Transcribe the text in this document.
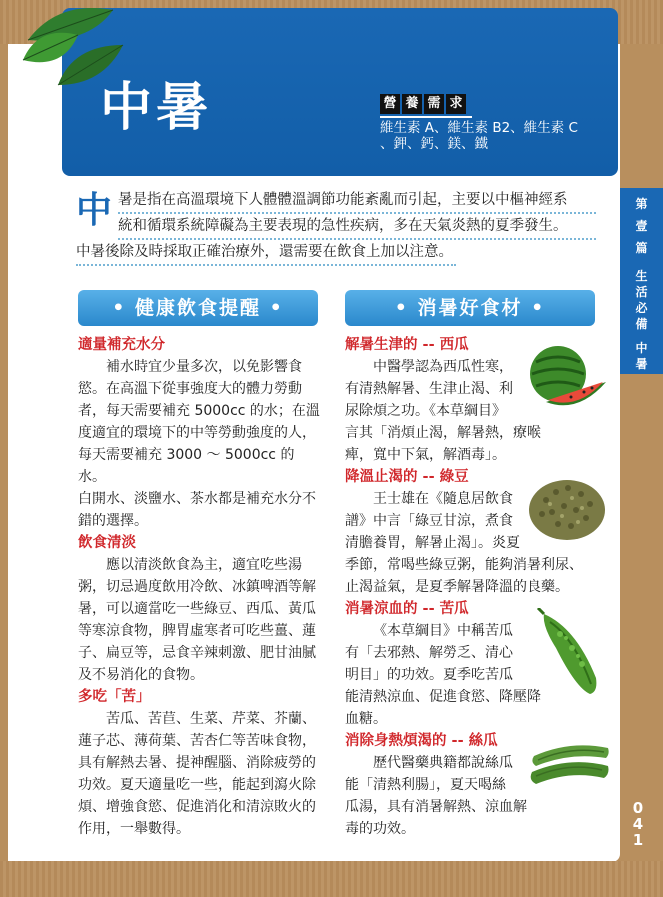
中暑	營 養 需 求
維生素 A、維生素 B2、維生素 C 、鉀、鈣、鎂、鐵
中 暑是指在高溫環境下人體體溫調節功能紊亂而引起，主要以中樞神經系
統和循環系統障礙為主要表現的急性疾病，多在天氣炎熱的夏季發生。
中暑後除及時採取正確治療外，還需要在飲食上加以注意。
第
壹
篇
生
活
必
備
中
暑
• 健康飲食提醒 •	• 消暑好食材 •
適量補充水分
補水時宜少量多次，以免影響食
慾。在高溫下從事強度大的體力勞動
者，每天需要補充 5000cc 的水；在溫
度適宜的環境下的中等勞動強度的人，
每天需要補充 3000 ～ 5000cc 的水。
白開水、淡鹽水、茶水都是補充水分不
錯的選擇。
飲食清淡
應以清淡飲食為主，適宜吃些湯
粥，切忌過度飲用冷飲、冰鎮啤酒等解
暑，可以適當吃一些綠豆、西瓜、黃瓜
等寒涼食物，脾胃虛寒者可吃些薑、蓮
子、扁豆等，忌食辛辣刺激、肥甘油膩
及不易消化的食物。
多吃「苦」
苦瓜、苦苣、生菜、芹菜、芥蘭、
蓮子芯、薄荷葉、苦杏仁等苦味食物，
具有解熱去暑、提神醒腦、消除疲勞的
功效。夏天適量吃一些，能起到瀉火除
煩、增強食慾、促進消化和清涼敗火的
作用，一舉數得。
解暑生津的 -- 西瓜
中醫學認為西瓜性寒，
有清熱解暑、生津止渴、利
尿除煩之功。《本草綱目》
言其「消煩止渴，解暑熱，療喉
痺，寬中下氣，解酒毒」。
降溫止渴的 -- 綠豆
王士雄在《隨息居飲食
譜》中言「綠豆甘涼，煮食
清膽養胃，解暑止渴」。炎夏
季節，常喝些綠豆粥，能夠消暑利尿、
止渴益氣，是夏季解暑降溫的良藥。
消暑涼血的 -- 苦瓜
《本草綱目》中稱苦瓜
有「去邪熱、解勞乏、清心
明目」的功效。夏季吃苦瓜
能清熱涼血、促進食慾、降壓降
血糖。
消除身熱煩渴的 -- 絲瓜
歷代醫藥典籍都說絲瓜
能「清熱利腸」，夏天喝絲
瓜湯，具有消暑解熱、涼血解
毒的功效。
0
4
1
